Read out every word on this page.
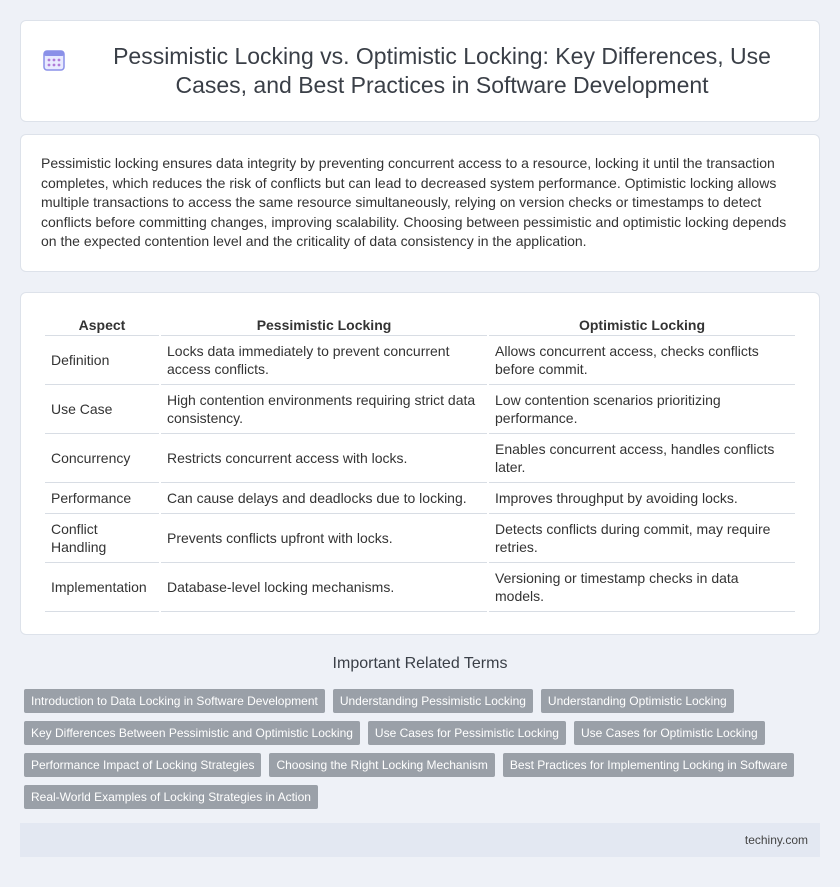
Pessimistic Locking vs. Optimistic Locking: Key Differences, Use Cases, and Best Practices in Software Development

Pessimistic locking ensures data integrity by preventing concurrent access to a resource, locking it until the transaction completes, which reduces the risk of conflicts but can lead to decreased system performance. Optimistic locking allows multiple transactions to access the same resource simultaneously, relying on version checks or timestamps to detect conflicts before committing changes, improving scalability. Choosing between pessimistic and optimistic locking depends on the expected contention level and the criticality of data consistency in the application.

Aspect	Pessimistic Locking	Optimistic Locking
Definition	Locks data immediately to prevent concurrent access conflicts.	Allows concurrent access, checks conflicts before commit.
Use Case	High contention environments requiring strict data consistency.	Low contention scenarios prioritizing performance.
Concurrency	Restricts concurrent access with locks.	Enables concurrent access, handles conflicts later.
Performance	Can cause delays and deadlocks due to locking.	Improves throughput by avoiding locks.
Conflict Handling	Prevents conflicts upfront with locks.	Detects conflicts during commit, may require retries.
Implementation	Database-level locking mechanisms.	Versioning or timestamp checks in data models.
Important Related Terms
Introduction to Data Locking in Software Development	Understanding Pessimistic Locking	Understanding Optimistic Locking
Key Differences Between Pessimistic and Optimistic Locking	Use Cases for Pessimistic Locking	Use Cases for Optimistic Locking
Performance Impact of Locking Strategies	Choosing the Right Locking Mechanism	Best Practices for Implementing Locking in Software
Real-World Examples of Locking Strategies in Action
techiny.com
